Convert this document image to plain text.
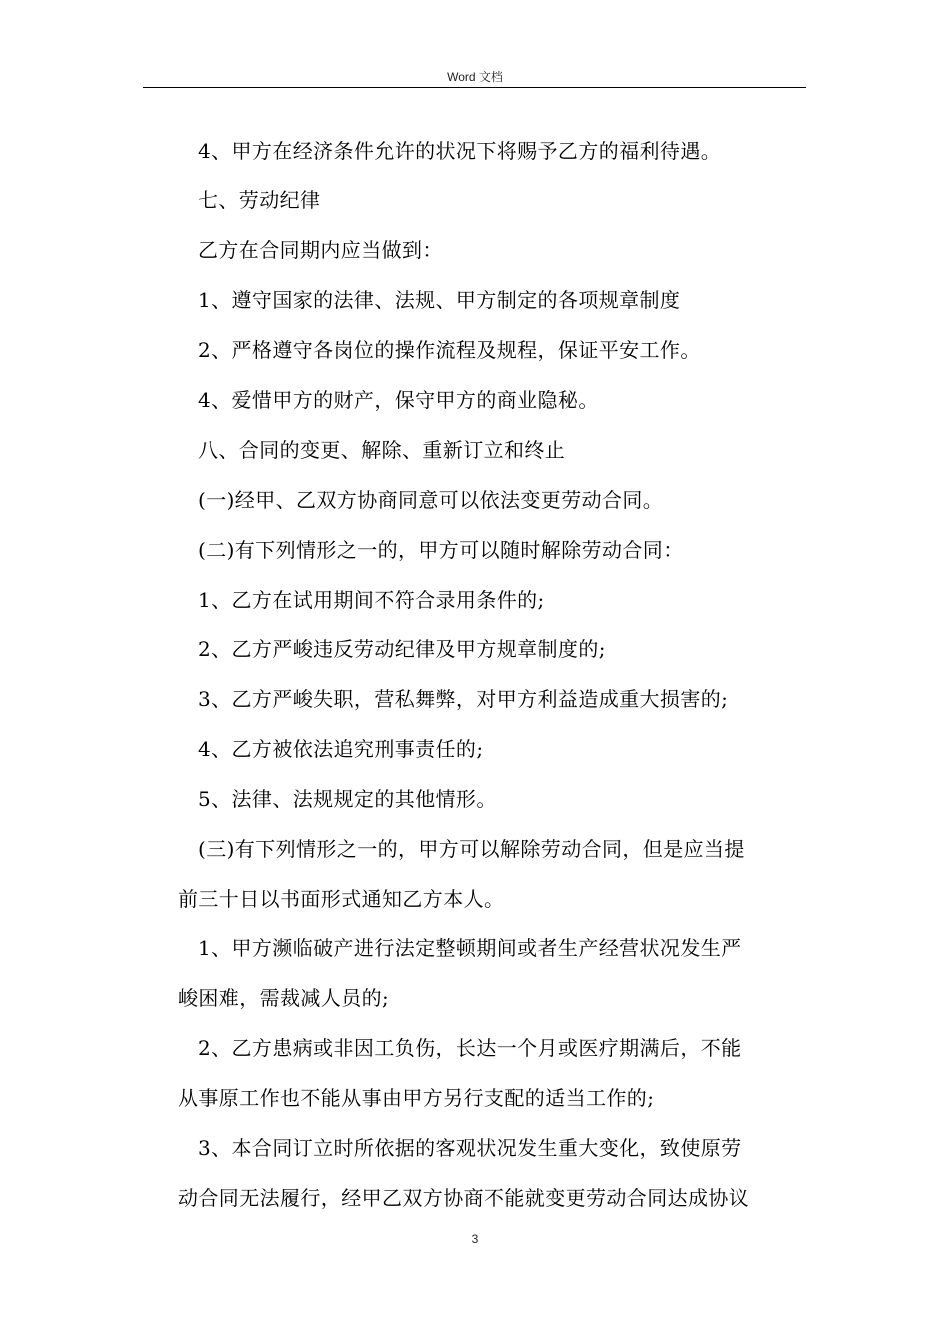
Word 文档
4、甲方在经济条件允许的状况下将赐予乙方的福利待遇。
七、劳动纪律
乙方在合同期内应当做到：
1、遵守国家的法律、法规、甲方制定的各项规章制度
2、严格遵守各岗位的操作流程及规程，保证平安工作。
4、爱惜甲方的财产，保守甲方的商业隐秘。
八、合同的变更、解除、重新订立和终止
(一)经甲、乙双方协商同意可以依法变更劳动合同。
(二)有下列情形之一的，甲方可以随时解除劳动合同：
1、乙方在试用期间不符合录用条件的;
2、乙方严峻违反劳动纪律及甲方规章制度的;
3、乙方严峻失职，营私舞弊，对甲方利益造成重大损害的;
4、乙方被依法追究刑事责任的;
5、法律、法规规定的其他情形。
(三)有下列情形之一的，甲方可以解除劳动合同，但是应当提
前三十日以书面形式通知乙方本人。
1、甲方濒临破产进行法定整顿期间或者生产经营状况发生严
峻困难，需裁减人员的;
2、乙方患病或非因工负伤，长达一个月或医疗期满后，不能
从事原工作也不能从事由甲方另行支配的适当工作的;
3、本合同订立时所依据的客观状况发生重大变化，致使原劳
动合同无法履行，经甲乙双方协商不能就变更劳动合同达成协议
3
